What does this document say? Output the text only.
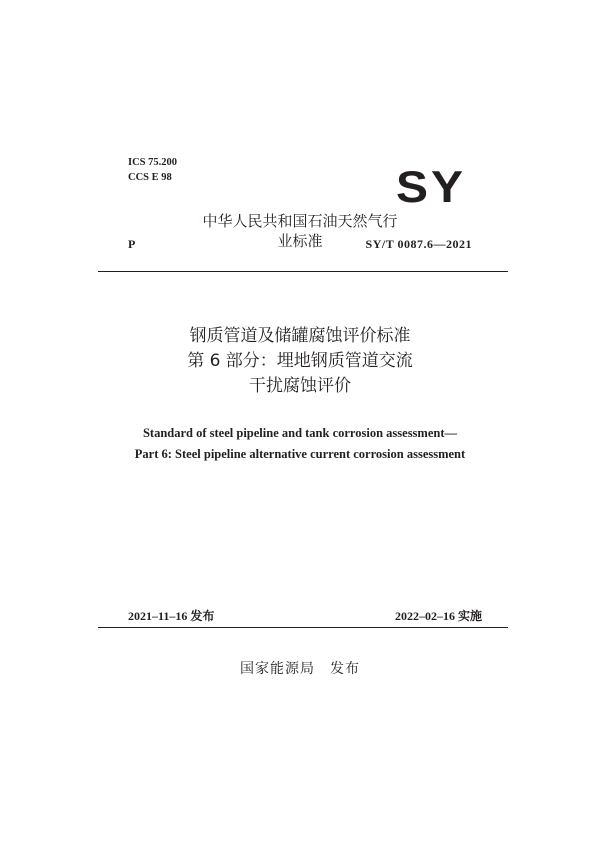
ICS 75.200
CCS E 98	SY
中华人民共和国石油天然气行业标准
P	SY/T 0087.6—2021
钢质管道及储罐腐蚀评价标准
第 6 部分：埋地钢质管道交流
干扰腐蚀评价
Standard of steel pipeline and tank corrosion assessment—
Part 6: Steel pipeline alternative current corrosion assessment
2021–11–16 发布	2022–02–16 实施
国家能源局　发布
